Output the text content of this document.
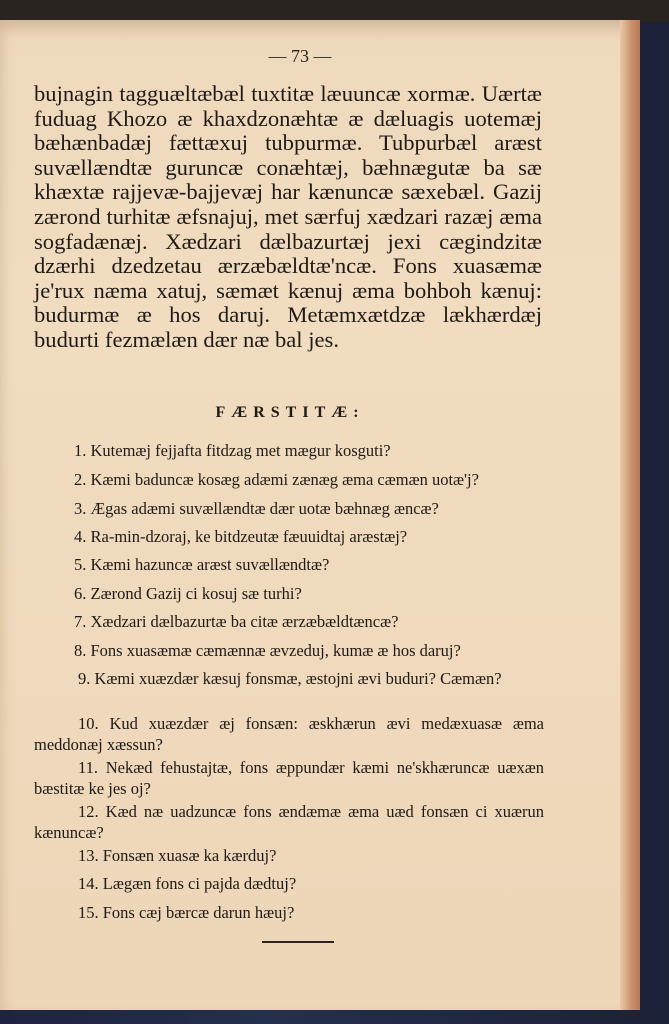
— 73 —

bujnagin tagguæltæbæl tuxtitæ læuuncæ xormæ. Uærtæ fuduag Khozo æ khaxdzonæhtæ æ dæluagis uotemæj bæhænbadæj fættæxuj tubpurmæ. Tubpurbæl aræst suvællændtæ guruncæ conæhtæj, bæhnægutæ ba sæ khæxtæ rajjevæ-bajjevæj har kænuncæ sæxebæl. Gazij zærond turhitæ æfsnajuj, met særfuj xædzari razæj æma sogfadænæj. Xædzari dælbazurtæj jexi cægindzitæ dzærhi dzedzetau ærzæbældtæ'ncæ. Fons xuasæmæ je'rux næma xatuj, sæmæt kænuj æma bohboh kænuj: budurmæ æ hos daruj. Metæmxætdzæ lækhærdæj budurti fezmælæn dær næ bal jes.

FÆRSTITÆ:
1. Kutemæj fejjafta fitdzag met mægur kosguti?
2. Kæmi baduncæ kosæg adæmi zænæg æma cæmæn uotæ'j?
3. Ægas adæmi suvællændtæ dær uotæ bæhnæg æncæ?
4. Ra-min-dzoraj, ke bitdzeutæ fæuuidtaj aræstæj?
5. Kæmi hazuncæ aræst suvællændtæ?
6. Zærond Gazij ci kosuj sæ turhi?
7. Xædzari dælbazurtæ ba citæ ærzæbældtæncæ?
8. Fons xuasæmæ cæmænnæ ævzeduj, kumæ æ hos daruj?
9. Kæmi xuæzdær kæsuj fonsmæ, æstojni ævi buduri? Cæmæn?
10. Kud xuæzdær æj fonsæn: æskhærun ævi medæxuasæ æma meddonæj xæssun?
11. Nekæd fehustajtæ, fons æppundær kæmi ne'skhæruncæ uæxæn bæstitæ ke jes oj?
12. Kæd næ uadzuncæ fons ændæmæ æma uæd fonsæn ci xuærun kænuncæ?
13. Fonsæn xuasæ ka kærduj?
14. Lægæn fons ci pajda dædtuj?
15. Fons cæj bærcæ darun hæuj?
